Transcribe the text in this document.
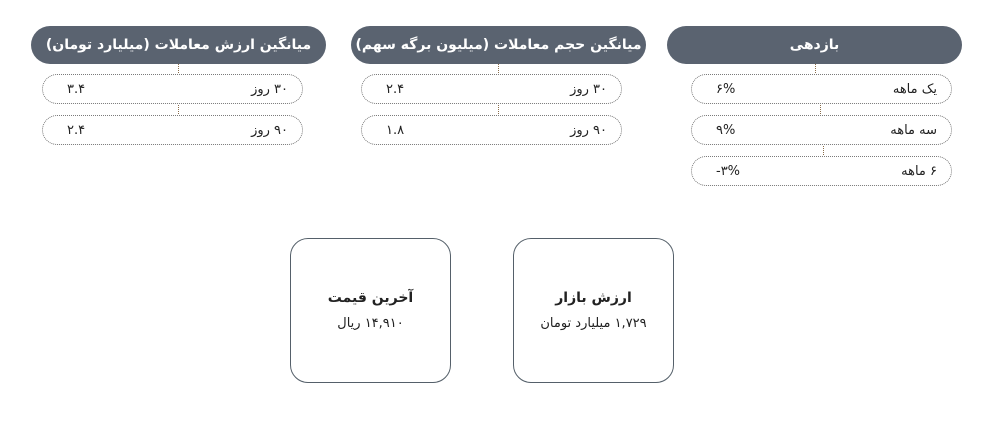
بازدهی
۶%	یک ماهه
۹%	سه ماهه
-۳%	۶ ماهه
میانگین حجم معاملات (میلیون برگه سهم)
۲.۴	۳۰ روز
۱.۸	۹۰ روز
میانگین ارزش معاملات (میلیارد تومان)
۳.۴	۳۰ روز
۲.۴	۹۰ روز
ارزش بازار
۱,۷۲۹ میلیارد تومان
آخرین قیمت
۱۴,۹۱۰ ریال
